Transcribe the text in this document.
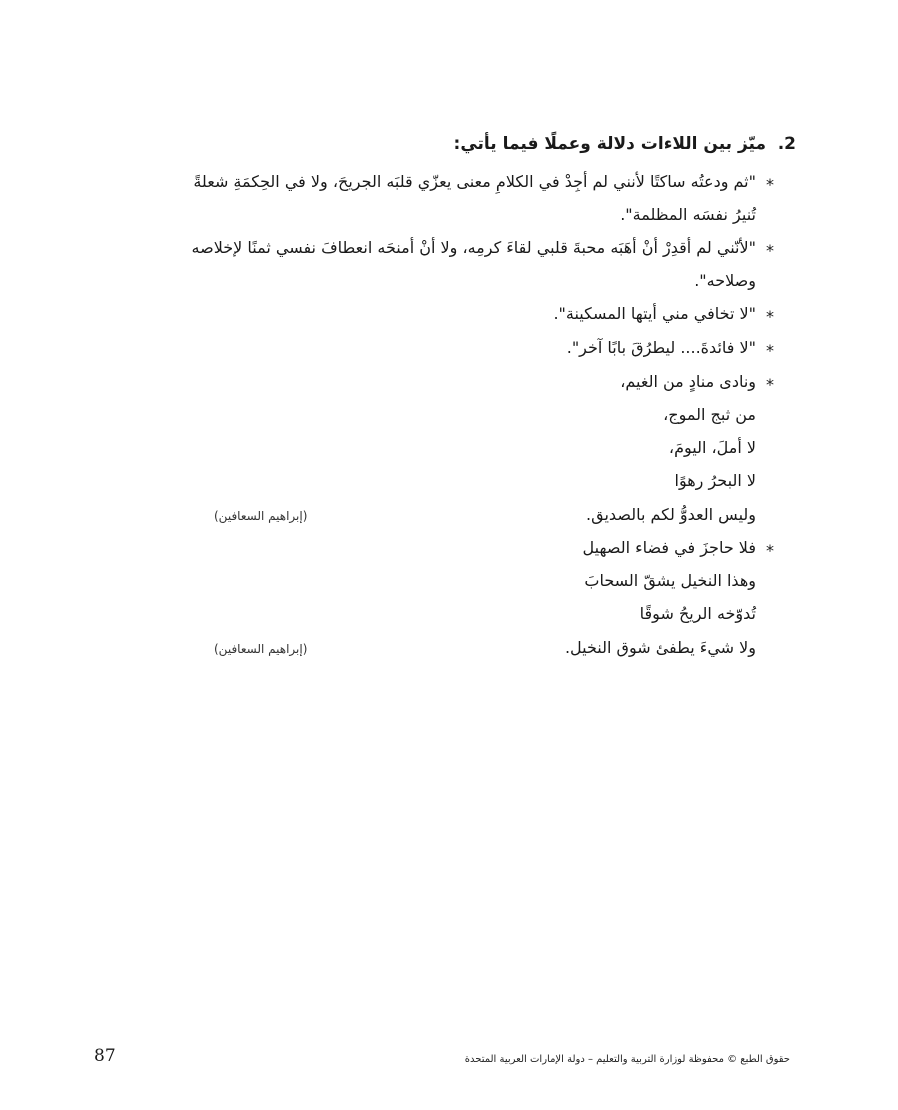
2.
ميّز بين اللاءات دلالة وعملًا فيما يأتي:
*
*
*
*
*
*
"ثم ودعتُه ساكتًا لأنني لم أجِدْ في الكلامِ معنى يعزّي قلبَه الجريحَ، ولا في الحِكمَةِ شعلةً
تُنيرُ نفسَه المظلمة".
"لأنّني لم أقدِرْ أنْ أهَبَه محبةَ قلبي لقاءَ كرمِه، ولا أنْ أمنحَه انعطافَ نفسي ثمنًا لإخلاصه
وصلاحه".
"لا تخافي مني أيتها المسكينة".
"لا فائدةَ.... ليطرُقَ بابًا آخر".
ونادى منادٍ من الغيم،
من ثبج الموج،
لا أملَ، اليومَ،
لا البحرُ رهوًا
وليس العدوُّ لكم بالصديق.
فلا حاجزَ في فضاء الصهيل
وهذا النخيل يشقّ السحابَ
تُدوّخه الريحُ شوقًا
ولا شيءَ يطفئ شوق النخيل.
(إبراهيم السعافين)
(إبراهيم السعافين)
حقوق الطبع © محفوظة لوزارة التربية والتعليم – دولة الإمارات العربية المتحدة
87
